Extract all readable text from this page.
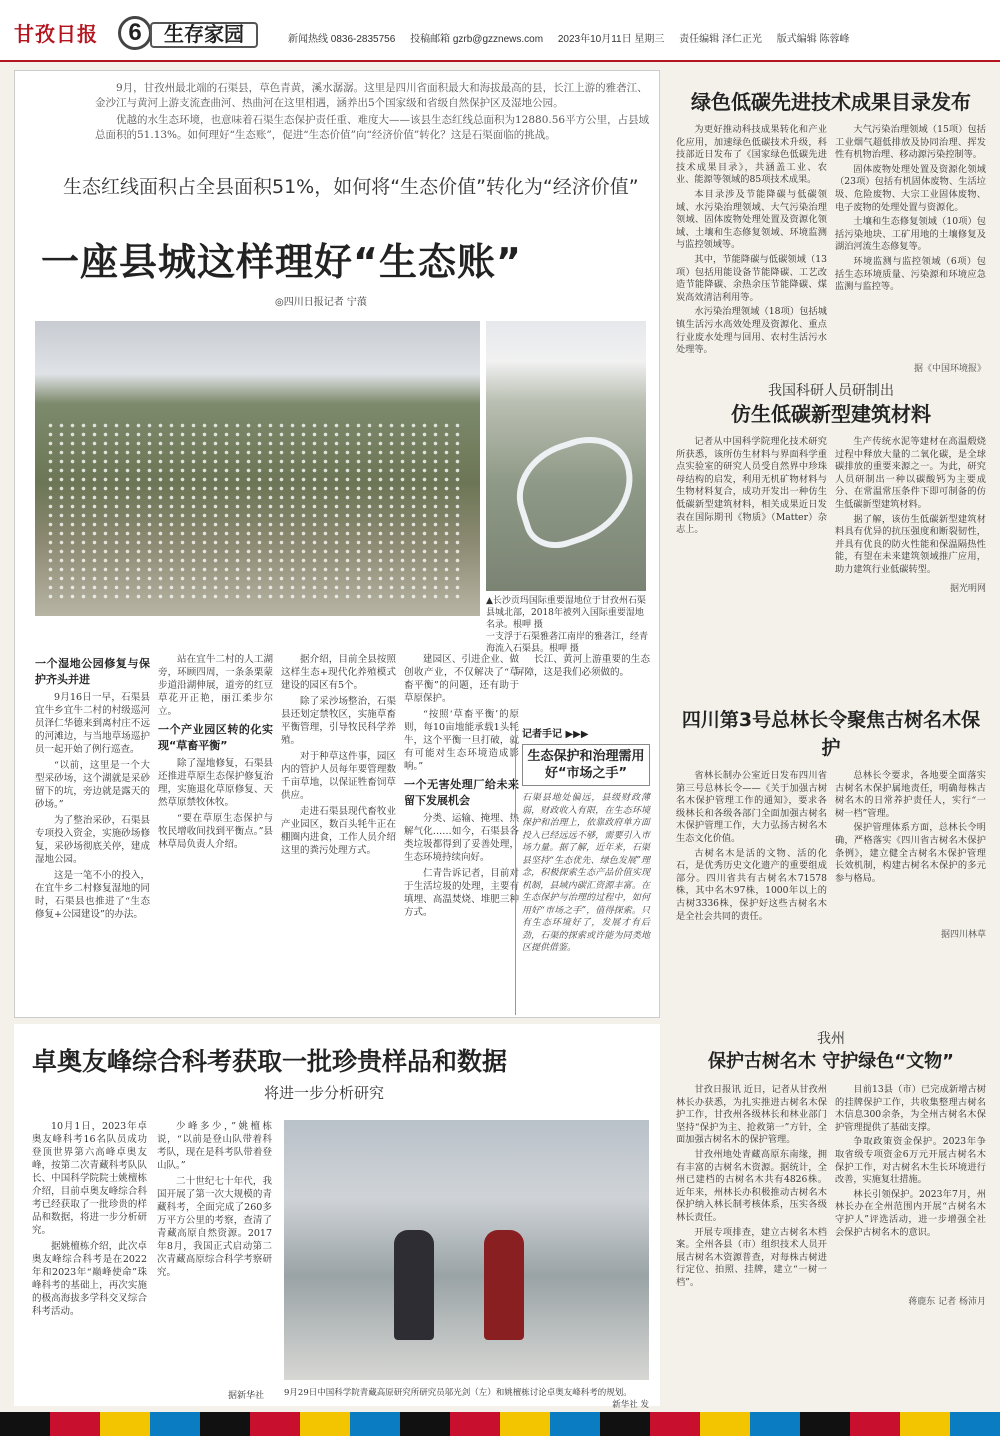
甘孜日报	6	生存家园	新闻热线 0836-2835756 投稿邮箱 gzrb@gzznews.com 2023年10月11日 星期三 责任编辑 泽仁正光 版式编辑 陈蓉峰

9月，甘孜州最北端的石渠县，草色青黄，溪水潺潺。这里是四川省面积最大和海拔最高的县，长江上游的雅砻江、金沙江与黄河上游支流查曲河、热曲河在这里相遇，涵养出5个国家级和省级自然保护区及湿地公园。

优越的水生态环境，也意味着石渠生态保护责任重、难度大——该县生态红线总面积为12880.56平方公里，占县域总面积的51.13%。如何理好“生态账”，促进“生态价值”向“经济价值”转化？这是石渠面临的挑战。

生态红线面积占全县面积51%，如何将“生态价值”转化为“经济价值”
一座县城这样理好“生态账”
◎四川日报记者 宁蒗
▲长沙贡玛国际重要湿地位于甘孜州石渠县城北部，2018年被列入国际重要湿地名录。根呷 摄
一支浮于石渠雅砻江南岸的雅砻江，经青海流入石渠县。根呷 摄
一个湿地公园修复与保护齐头并进

9月16日一早，石渠县宜牛乡宜牛二村的村级巡河员泽仁华德来到离村庄不远的河滩边，与当地草场巡护员一起开始了例行巡查。

“以前，这里是一个大型采砂场，这个湖就是采砂留下的坑，旁边就是露天的砂场。”

为了整治采砂，石渠县专项投入资金，实施砂场修复，采砂场彻底关停，建成湿地公园。

这是一笔不小的投入，在宜牛乡二村修复湿地的同时，石渠县也推进了“生态修复+公园建设”的办法。

站在宜牛二村的人工湖旁，环顾四周，一条条栗蒙步道沿湖伸展，道旁的红豆草花开正艳，丽江柔步尔立。

一个产业园区转的化实现“草畜平衡”

除了湿地修复，石渠县还推进草原生态保护修复治理，实施退化草原修复、天然草原禁牧休牧。

“要在草原生态保护与牧民增收间找到平衡点。”县林草局负责人介绍。

据介绍，目前全县按照这样生态+现代化养殖模式建设的园区有5个。

除了采沙场整治，石渠县还划定禁牧区，实施草畜平衡管理，引导牧民科学养殖。

对于种草这件事，园区内的管护人员每年要管理数千亩草地，以保证牲畜饲草供应。

走进石渠县现代畜牧业产业园区，数百头牦牛正在棚圈内进食，工作人员介绍这里的粪污处理方式。

建园区、引进企业、做创收产业，不仅解决了“草畜平衡”的问题，还有助于草原保护。

“按照‘草畜平衡’的原则，每10亩地能承载1头牦牛，这个平衡一旦打破，就有可能对生态环境造成影响。”

一个无害处理厂给未来留下发展机会

分类、运输、掩埋、热解气化……如今，石渠县各类垃圾都得到了妥善处理，生态环境持续向好。

仁青告诉记者，目前对于生活垃圾的处理，主要有填埋、高温焚烧、堆肥三种方式。

长江、黄河上游重要的生态屏障，这是我们必须做的。

记者手记 ▶▶▶
生态保护和治理需用好“市场之手”
石渠县地处偏远，县级财政薄弱，财政收入有限，在生态环境保护和治理上，依靠政府单方面投入已经远远不够，需要引入市场力量。据了解，近年来，石渠县坚持“生态优先、绿色发展”理念，积极探索生态产品价值实现机制，县域内碳汇资源丰富。在生态保护与治理的过程中，如何用好“市场之手”，值得探索。只有生态环境好了，发展才有后劲，石渠的探索或许能为同类地区提供借鉴。
卓奥友峰综合科考获取一批珍贵样品和数据
将进一步分析研究

10月1日，2023年卓奥友峰科考16名队员成功登顶世界第六高峰卓奥友峰，按第二次青藏科考队队长、中国科学院院士姚檀栋介绍，目前卓奥友峰综合科考已经获取了一批珍贵的样品和数据，将进一步分析研究。

据姚檀栋介绍，此次卓奥友峰综合科考是在2022年和2023年“巅峰使命”珠峰科考的基础上，再次实施的极高海拔多学科交叉综合科考活动。

少峰多少，”姚檀栋说，“以前是登山队带着科考队，现在是科考队带着登山队。”

二十世纪七十年代，我国开展了第一次大规模的青藏科考，全面完成了260多万平方公里的考察，查清了青藏高原自然资源。2017年8月，我国正式启动第二次青藏高原综合科学考察研究。

9月29日中国科学院青藏高原研究所研究员邬光剑（左）和姚檀栋讨论卓奥友峰科考的规划。
新华社 发
据新华社
绿色低碳先进技术成果目录发布

为更好推动科技成果转化和产业化应用，加速绿色低碳技术升级，科技部近日发布了《国家绿色低碳先进技术成果目录》，共涵盖工业、农业、能源等领域的85项技术成果。

本目录涉及节能降碳与低碳领域、水污染治理领域、大气污染治理领域、固体废物处理处置及资源化领域、土壤和生态修复领域、环境监测与监控领域等。

其中，节能降碳与低碳领域（13项）包括用能设备节能降碳、工艺改造节能降碳、余热余压节能降碳、煤炭高效清洁利用等。

水污染治理领域（18项）包括城镇生活污水高效处理及资源化、重点行业废水处理与回用、农村生活污水处理等。

大气污染治理领域（15项）包括工业烟气超低排放及协同治理、挥发性有机物治理、移动源污染控制等。

固体废物处理处置及资源化领域（23项）包括有机固体废物、生活垃圾、危险废物、大宗工业固体废物、电子废物的处理处置与资源化。

土壤和生态修复领域（10项）包括污染地块、工矿用地的土壤修复及湖泊河流生态修复等。

环境监测与监控领域（6项）包括生态环境质量、污染源和环境应急监测与监控等。

据《中国环境报》
我国科研人员研制出
仿生低碳新型建筑材料

记者从中国科学院理化技术研究所获悉，该所仿生材料与界面科学重点实验室的研究人员受自然界中珍珠母结构的启发，利用无机矿物材料与生物材料复合，成功开发出一种仿生低碳新型建筑材料，相关成果近日发表在国际期刊《物质》（Matter）杂志上。

生产传统水泥等建材在高温煅烧过程中释放大量的二氧化碳，是全球碳排放的重要来源之一。为此，研究人员研制出一种以碳酸钙为主要成分、在常温常压条件下即可制备的仿生低碳新型建筑材料。

据了解，该仿生低碳新型建筑材料具有优异的抗压强度和断裂韧性，并具有优良的防火性能和保温隔热性能，有望在未来建筑领域推广应用，助力建筑行业低碳转型。

据光明网
四川第3号总林长令聚焦古树名木保护

省林长制办公室近日发布四川省第三号总林长令——《关于加强古树名木保护管理工作的通知》，要求各级林长和各级各部门全面加强古树名木保护管理工作，大力弘扬古树名木生态文化价值。

古树名木是活的文物、活的化石，是优秀历史文化遗产的重要组成部分。四川省共有古树名木71578株，其中名木97株，1000年以上的古树3336株，保护好这些古树名木是全社会共同的责任。

总林长令要求，各地要全面落实古树名木保护属地责任，明确每株古树名木的日常养护责任人，实行“一树一档”管理。

保护管理体系方面，总林长令明确，严格落实《四川省古树名木保护条例》，建立健全古树名木保护管理长效机制，构建古树名木保护的多元参与格局。

据四川林草
我州
保护古树名木 守护绿色“文物”

甘孜日报讯 近日，记者从甘孜州林长办获悉，为扎实推进古树名木保护工作，甘孜州各级林长和林业部门坚持“保护为主、抢救第一”方针，全面加强古树名木的保护管理。

甘孜州地处青藏高原东南缘，拥有丰富的古树名木资源。据统计，全州已建档的古树名木共有4826株。近年来，州林长办积极推动古树名木保护纳入林长制考核体系，压实各级林长责任。

开展专项排查，建立古树名木档案。全州各县（市）组织技术人员开展古树名木资源普查，对每株古树进行定位、拍照、挂牌，建立“一树一档”。

目前13县（市）已完成新增古树的挂牌保护工作，共收集整理古树名木信息300余条，为全州古树名木保护管理提供了基础支撑。

争取政策资金保护。2023年争取省级专项资金6万元开展古树名木保护工作，对古树名木生长环境进行改善，实施复壮措施。

林长引领保护。2023年7月，州林长办在全州范围内开展“古树名木守护人”评选活动，进一步增强全社会保护古树名木的意识。

蒋鹿东 记者 杨沛月
